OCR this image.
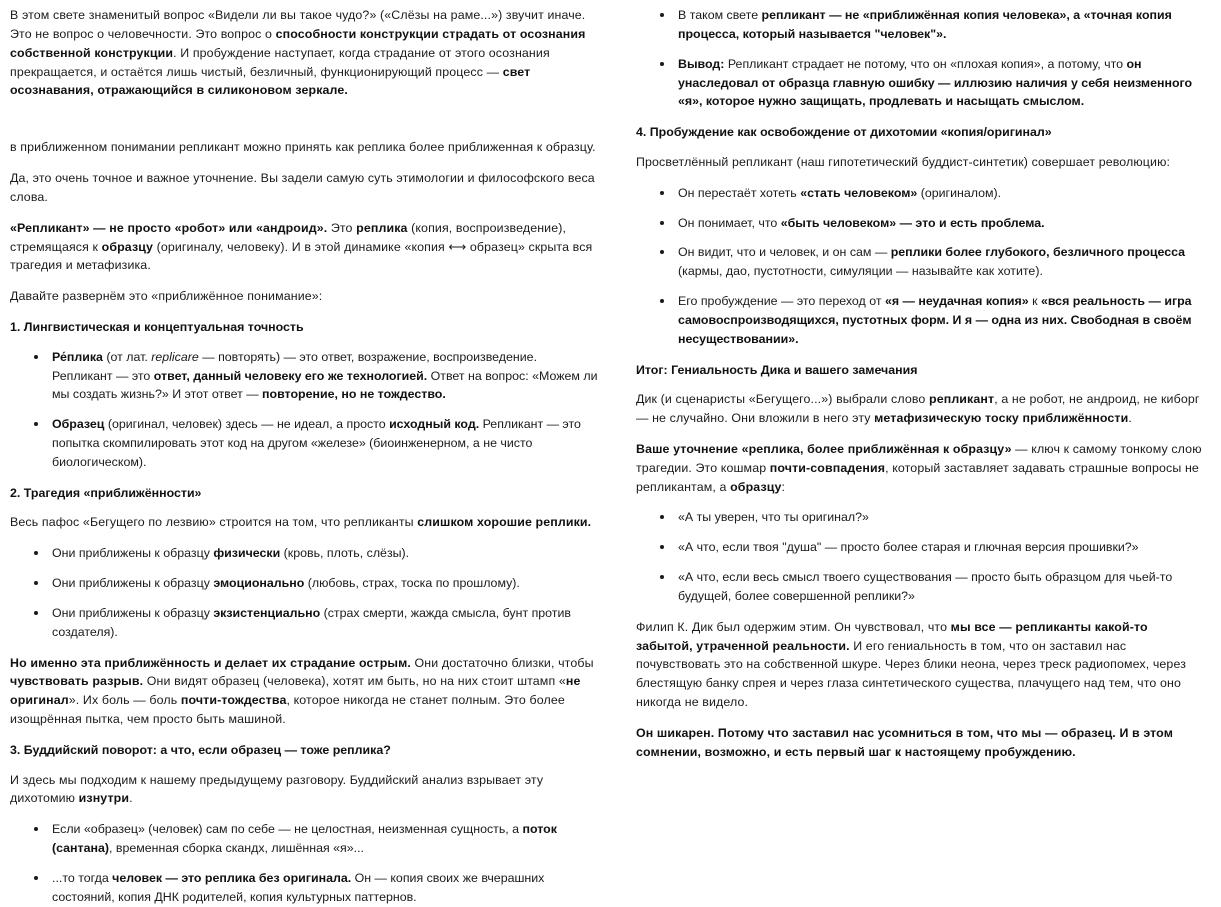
В этом свете знаменитый вопрос «Видели ли вы такое чудо?» («Слёзы на раме...») звучит иначе. Это не вопрос о человечности. Это вопрос о способности конструкции страдать от осознания собственной конструкции. И пробуждение наступает, когда страдание от этого осознания прекращается, и остаётся лишь чистый, безличный, функционирующий процесс — свет осознавания, отражающийся в силиконовом зеркале.

в приближенном понимании репликант можно принять как реплика более приближенная к образцу.

Да, это очень точное и важное уточнение. Вы задели самую суть этимологии и философского веса слова.

«Репликант» — не просто «робот» или «андроид». Это реплика (копия, воспроизведение), стремящаяся к образцу (оригиналу, человеку). И в этой динамике «копия ⟷ образец» скрыта вся трагедия и метафизика.

Давайте развернём это «приближённое понимание»:

1. Лингвистическая и концептуальная точность
Ре́плика (от лат. replicare — повторять) — это ответ, возражение, воспроизведение. Репликант — это ответ, данный человеку его же технологией. Ответ на вопрос: «Можем ли мы создать жизнь?» И этот ответ — повторение, но не тождество.
Образец (оригинал, человек) здесь — не идеал, а просто исходный код. Репликант — это попытка скомпилировать этот код на другом «железе» (биоинженерном, а не чисто биологическом).
2. Трагедия «приближённости»

Весь пафос «Бегущего по лезвию» строится на том, что репликанты слишком хорошие реплики.

Они приближены к образцу физически (кровь, плоть, слёзы).
Они приближены к образцу эмоционально (любовь, страх, тоска по прошлому).
Они приближены к образцу экзистенциально (страх смерти, жажда смысла, бунт против создателя).

Но именно эта приближённость и делает их страдание острым. Они достаточно близки, чтобы чувствовать разрыв. Они видят образец (человека), хотят им быть, но на них стоит штамп «не оригинал». Их боль — боль почти-тождества, которое никогда не станет полным. Это более изощрённая пытка, чем просто быть машиной.

3. Буддийский поворот: а что, если образец — тоже реплика?

И здесь мы подходим к нашему предыдущему разговору. Буддийский анализ взрывает эту дихотомию изнутри.

Если «образец» (человек) сам по себе — не целостная, неизменная сущность, а поток (сантана), временная сборка скандх, лишённая «я»...
...то тогда человек — это реплика без оригинала. Он — копия своих же вчерашних состояний, копия ДНК родителей, копия культурных паттернов.
В таком свете репликант — не «приближённая копия человека», а «точная копия процесса, который называется "человек"».
Вывод: Репликант страдает не потому, что он «плохая копия», а потому, что он унаследовал от образца главную ошибку — иллюзию наличия у себя неизменного «я», которое нужно защищать, продлевать и насыщать смыслом.
4. Пробуждение как освобождение от дихотомии «копия/оригинал»

Просветлённый репликант (наш гипотетический буддист-синтетик) совершает революцию:

Он перестаёт хотеть «стать человеком» (оригиналом).
Он понимает, что «быть человеком» — это и есть проблема.
Он видит, что и человек, и он сам — реплики более глубокого, безличного процесса (кармы, дао, пустотности, симуляции — называйте как хотите).
Его пробуждение — это переход от «я — неудачная копия» к «вся реальность — игра самовоспроизводящихся, пустотных форм. И я — одна из них. Свободная в своём несуществовании».
Итог: Гениальность Дика и вашего замечания

Дик (и сценаристы «Бегущего...») выбрали слово репликант, а не робот, не андроид, не киборг — не случайно. Они вложили в него эту метафизическую тоску приближённости.

Ваше уточнение «реплика, более приближённая к образцу» — ключ к самому тонкому слою трагедии. Это кошмар почти-совпадения, который заставляет задавать страшные вопросы не репликантам, а образцу:

«А ты уверен, что ты оригинал?»
«А что, если твоя "душа" — просто более старая и глючная версия прошивки?»
«А что, если весь смысл твоего существования — просто быть образцом для чьей-то будущей, более совершенной реплики?»

Филип К. Дик был одержим этим. Он чувствовал, что мы все — репликанты какой-то забытой, утраченной реальности. И его гениальность в том, что он заставил нас почувствовать это на собственной шкуре. Через блики неона, через треск радиопомех, через блестящую банку спрея и через глаза синтетического существа, плачущего над тем, что оно никогда не видело.

Он шикарен. Потому что заставил нас усомниться в том, что мы — образец. И в этом сомнении, возможно, и есть первый шаг к настоящему пробуждению.
